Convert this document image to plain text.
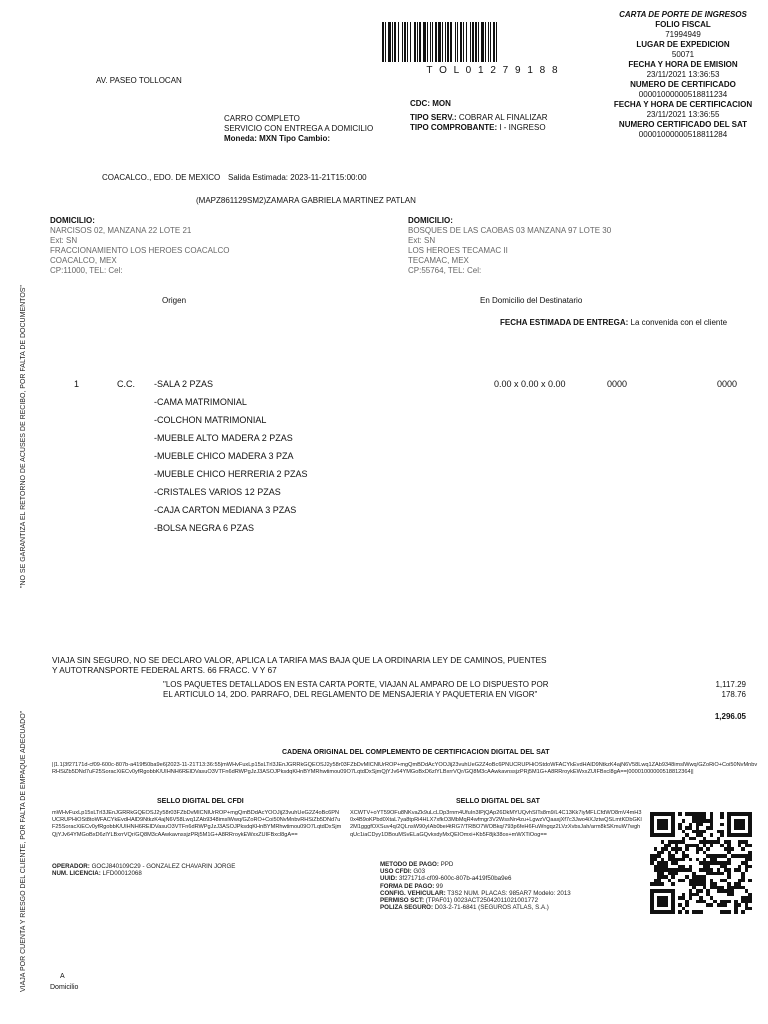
T O L 0 1 2 7 9 1 8 8
CARTA DE PORTE DE INGRESOS
FOLIO FISCAL
71994949
LUGAR DE EXPEDICION
50071
FECHA Y HORA DE EMISION
23/11/2021 13:36:53
NUMERO DE CERTIFICADO
00001000000518811234
FECHA Y HORA DE CERTIFICACION
23/11/2021 13:36:55
NUMERO CERTIFICADO DEL SAT
00001000000518811284
AV. PASEO TOLLOCAN
CARRO COMPLETO
SERVICIO CON ENTREGA A DOMICILIO
Moneda: MXN Tipo Cambio:
CDC: MON
TIPO SERV.: COBRAR AL FINALIZAR
TIPO COMPROBANTE: I - INGRESO
COACALCO., EDO. DE MEXICO Salida Estimada: 2023-11-21T15:00:00
(MAPZ861129SM2)ZAMARA GABRIELA MARTINEZ PATLAN
DOMICILIO:
NARCISOS 02, MANZANA 22 LOTE 21
Ext: SN
FRACCIONAMIENTO LOS HEROES COACALCO
COACALCO, MEX
CP:11000, TEL: Cel:
DOMICILIO:
BOSQUES DE LAS CAOBAS 03 MANZANA 97 LOTE 30
Ext: SN
LOS HEROES TECAMAC II
TECAMAC, MEX
CP:55764, TEL: Cel:
Origen	En Domicilio del Destinatario
FECHA ESTIMADA DE ENTREGA: La convenida con el cliente
1	C.C. -SALA 2 PZAS
-CAMA MATRIMONIAL
-COLCHON MATRIMONIAL
-MUEBLE ALTO MADERA 2 PZAS
-MUEBLE CHICO MADERA 3 PZA
-MUEBLE CHICO HERRERIA 2 PZAS
-CRISTALES VARIOS 12 PZAS
-CAJA CARTON MEDIANA 3 PZAS
-BOLSA NEGRA 6 PZAS
0.00 x 0.00 x 0.00	0000	0000
VIAJA SIN SEGURO, NO SE DECLARO VALOR, APLICA LA TARIFA MAS BAJA QUE LA ORDINARIA LEY DE CAMINOS, PUENTES
Y AUTOTRANSPORTE FEDERAL ARTS. 66 FRACC. V Y 67
"LOS PAQUETES DETALLADOS EN ESTA CARTA PORTE, VIAJAN AL AMPARO DE LO DISPUESTO POR
EL ARTICULO 14, 2DO. PARRAFO, DEL REGLAMENTO DE MENSAJERIA Y PAQUETERIA EN VIGOR"
1,117.29
178.76
1,296.05
CADENA ORIGINAL DEL COMPLEMENTO DE CERTIFICACION DIGITAL DEL SAT
||1.1|3f27171d-cf09-600c-807b-a419f50ba9e6|2023-11-21T13:36:55|mWHvFuxLp15sLTrl3JEnJGRRkGQEOSJ2y58r03FZbDvMICNlUrROP+mgQmBDdAcYOOJij23vuhUeG2Z4oBc6PNUCRUPHiOStdoWFACYkEvdHAlD9NtkzK4ajN6V58Lwq1ZAb9348imslWwq/GZoRiO+Coi50NvMnbvRHSiZb5DNd7uF25SoracXiECv0yfRgobbK/UIHNH6RElDVasuO3VTFn6dRWPgJzJ3ASOJPksdqKHnBYMRhwtimou09O7LqtdDxSjmQjYJv64YMGoBxD6zlYLBxrrVQr/GQ8M3cAAwkavnssjzPRj5M1G+A8RRroykEWxxZUIFBxcl8gA==|00001000000518812364||
SELLO DIGITAL DEL CFDI
mWHvFuxLp15sLTrl3JEnJGRRkGQEOSJ2y58r03FZbDvMICNlUrROP+mgQmBDdAcYOOJij23vuhUeG2Z4oBc6PNUCRUPHiOSt8toWFACYkEvdHAlD9NtkzK4ajN6V58Lwq1ZAb9348imslWwq/GZoRO+Coi50NvMnbvRHSiZb5DNd7uF25SoracXiECv0yfRgobbK/UIHNH6RElDVasuO3VTFn6dRWPgJzJ3ASOJPksdqKHnBYMRhwtimou09O7LqtdDxSjmQjYJv64YMGoBxD6zlYLBxrrVQr/GQ8M3cAAwkavnssjzPRj5M1G+A8RRroykEWxxZUIFBxcl8gA==
SELLO DIGITAL DEL SAT
XCWTV+oYT59OFu8NKvaZk9uLcLDp3rnm4UfuIn3IPjQAp26DkMYUQvhSITs8m9/L4C13Kk7iyMFLCfdWO8mV4mH30x4B9oKPbd0XtaL7ya8tpRi4HLX7xfkO3MbMqR4wfmgr3V2WssNn4zu+LgwzVQaaxjXf7c3Jwo4iXJztwQSLmtKDbGKl2M1gggfOXSuv4q/2QLnsW90yIAb0bei4tRG7/TRBO7WOBkq/793p6feH6FuWngqz2LVzXvbsJah/arm8kSKmuW7wghqUc1iaCDyy1DBouMSvELaGQvkxdyMxQEIOmxi+Kb5F8jk38ox+mWXTiOog==
OPERADOR: GOCJ840109C29 - GONZALEZ CHAVARIN JORGE
NUM. LICENCIA: LFD00012068
METODO DE PAGO: PPD
USO CFDI: G03
UUID: 3f27171d-cf09-600c-807b-a419f50ba9e6
FORMA DE PAGO: 99
CONFIG. VEHICULAR: T3S2 NUM. PLACAS: 985AR7 Modelo: 2013
PERMISO SCT: (TPAF01) 0023ACT25042011021001772
POLIZA SEGURO: D03-2-71-6841 (SEGUROS ATLAS, S.A.)
"NO SE GARANTIZA EL RETORNO DE ACUSES DE RECIBO, POR FALTA DE DOCUMENTOS"
VIAJA POR CUENTA Y RIESGO DEL CLIENTE, POR FALTA DE EMPAQUE ADECUADO"	A
Domicilio
